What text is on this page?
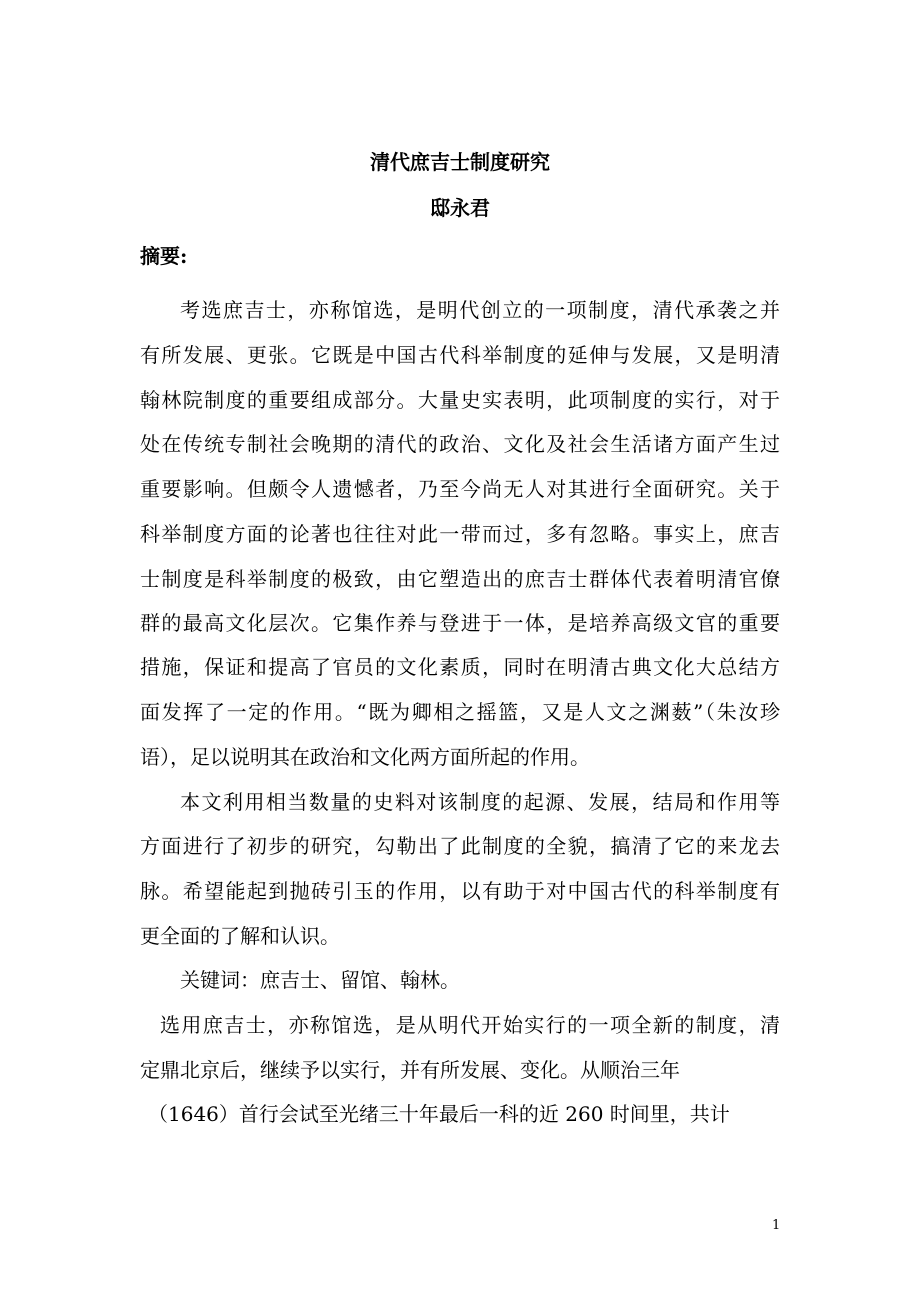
清代庶吉士制度研究
邸永君
摘要:
考选庶吉士，亦称馆选，是明代创立的一项制度，清代承袭之并
有所发展、更张。它既是中国古代科举制度的延伸与发展，又是明清
翰林院制度的重要组成部分。大量史实表明，此项制度的实行，对于
处在传统专制社会晚期的清代的政治、文化及社会生活诸方面产生过
重要影响。但颇令人遗憾者，乃至今尚无人对其进行全面研究。关于
科举制度方面的论著也往往对此一带而过，多有忽略。事实上，庶吉
士制度是科举制度的极致，由它塑造出的庶吉士群体代表着明清官僚
群的最高文化层次。它集作养与登进于一体，是培养高级文官的重要
措施，保证和提高了官员的文化素质，同时在明清古典文化大总结方
面发挥了一定的作用。“既为卿相之摇篮，又是人文之渊薮”（朱汝珍
语），足以说明其在政治和文化两方面所起的作用。
本文利用相当数量的史料对该制度的起源、发展，结局和作用等
方面进行了初步的研究，勾勒出了此制度的全貌，搞清了它的来龙去
脉。希望能起到抛砖引玉的作用，以有助于对中国古代的科举制度有
更全面的了解和认识。
关键词：庶吉士、留馆、翰林。
选用庶吉士，亦称馆选，是从明代开始实行的一项全新的制度，清
定鼎北京后，继续予以实行，并有所发展、变化。从顺治三年
（1646）首行会试至光绪三十年最后一科的近 260 时间里，共计
1
